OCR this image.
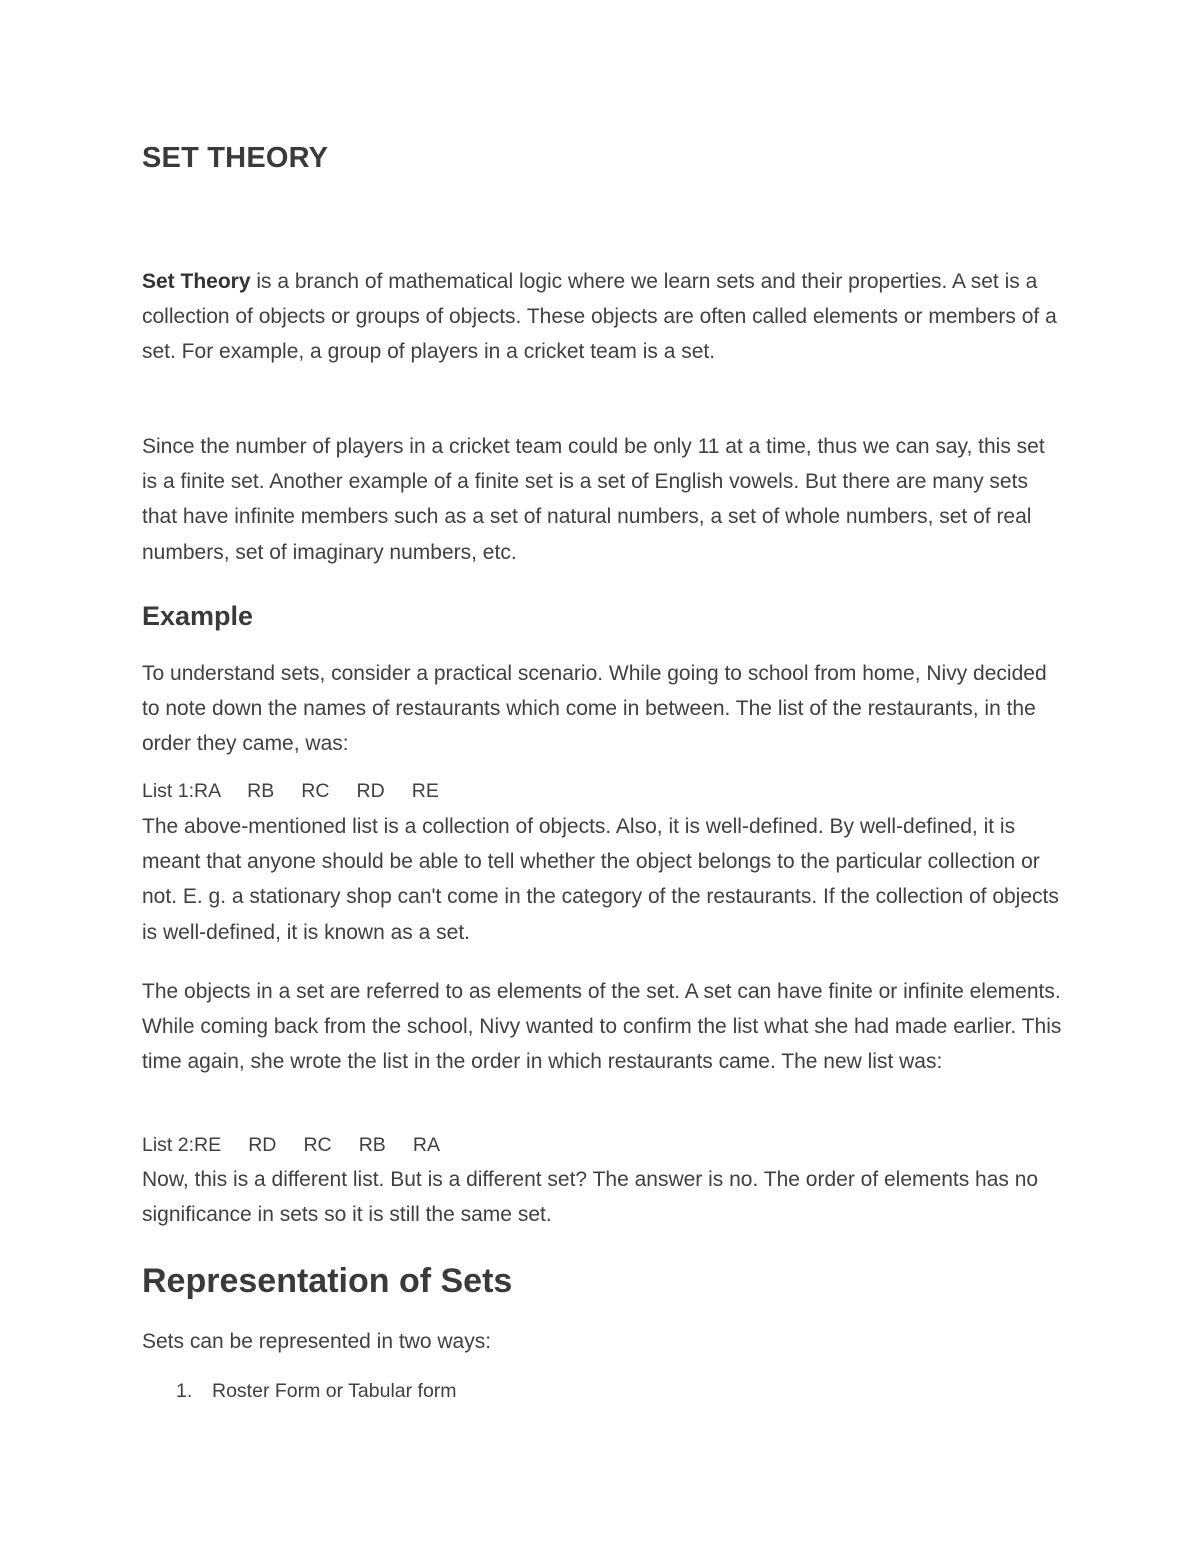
SET THEORY

Set Theory is a branch of mathematical logic where we learn sets and their properties. A set is a collection of objects or groups of objects. These objects are often called elements or members of a set. For example, a group of players in a cricket team is a set.

Since the number of players in a cricket team could be only 11 at a time, thus we can say, this set is a finite set. Another example of a finite set is a set of English vowels. But there are many sets that have infinite members such as a set of natural numbers, a set of whole numbers, set of real numbers, set of imaginary numbers, etc.

Example

To understand sets, consider a practical scenario. While going to school from home, Nivy decided to note down the names of restaurants which come in between. The list of the restaurants, in the order they came, was:

List 1:RA     RB     RC     RD     RE

The above-mentioned list is a collection of objects. Also, it is well-defined. By well-defined, it is meant that anyone should be able to tell whether the object belongs to the particular collection or not. E. g. a stationary shop can't come in the category of the restaurants. If the collection of objects is well-defined, it is known as a set.

The objects in a set are referred to as elements of the set. A set can have finite or infinite elements. While coming back from the school, Nivy wanted to confirm the list what she had made earlier. This time again, she wrote the list in the order in which restaurants came. The new list was:

List 2:RE     RD     RC     RB     RA

Now, this is a different list. But is a different set? The answer is no. The order of elements has no significance in sets so it is still the same set.

Representation of Sets

Sets can be represented in two ways:

1. Roster Form or Tabular form
